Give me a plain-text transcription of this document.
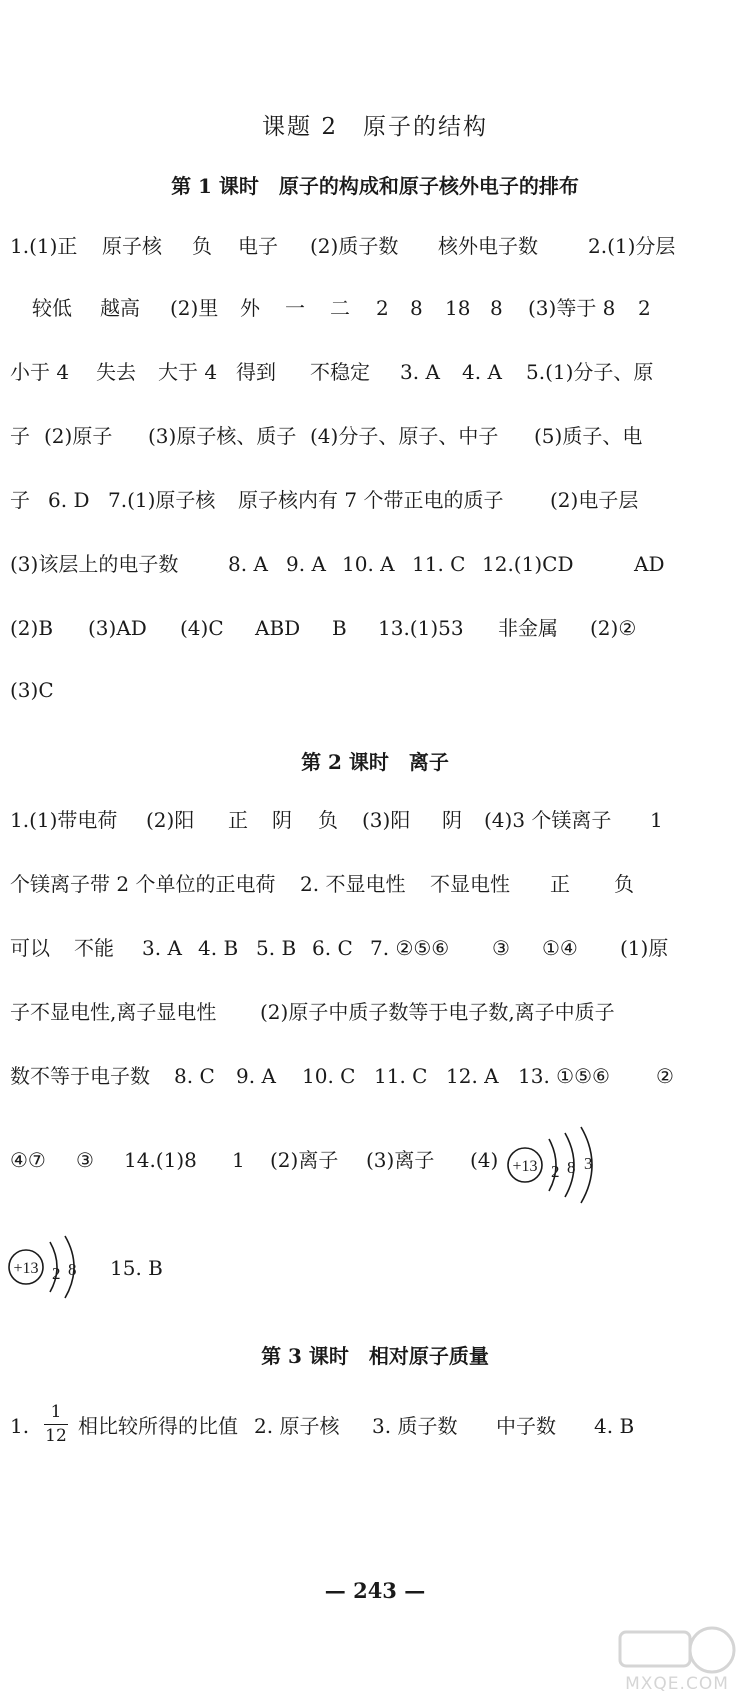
课题 2　原子的结构
第 1 课时　原子的构成和原子核外电子的排布
1.(1)正 原子核 负 电子 (2)质子数 核外电子数	2.(1)分层
较低 越高 (2)里 外 一 二 2 8 18 8 (3)等于 8 2
小于 4 失去 大于 4 得到 不稳定 3. A 4. A 5.(1)分子、原
子 (2)原子 (3)原子核、质子 (4)分子、原子、中子 (5)质子、电
子 6. D 7.(1)原子核 原子核内有 7 个带正电的质子 (2)电子层
(3)该层上的电子数 8. A 9. A 10. A 11. C 12.(1)CD	AD
(2)B (3)AD (4)C ABD B 13.(1)53 非金属 (2)②
(3)C
第 2 课时　离子
1.(1)带电荷 (2)阳 正 阴 负 (3)阳 阴 (4)3 个镁离子 1
个镁离子带 2 个单位的正电荷 2. 不显电性 不显电性 正 负
可以 不能 3. A 4. B 5. B 6. C 7. ②⑤⑥ ③ ①④ (1)原
子不显电性,离子显电性 (2)原子中质子数等于电子数,离子中质子
数不等于电子数 8. C 9. A 10. C 11. C 12. A 13. ①⑤⑥ ②
④⑦ ③ 14.(1)8 1 (2)离子 (3)离子 (4) +13 2 8 3
+13 2 8 15. B
第 3 课时　相对原子质量
1. 相比较所得的比值 2. 原子核 3. 质子数 中子数 4. B
1
12
— 243 —
MXQE.COM
